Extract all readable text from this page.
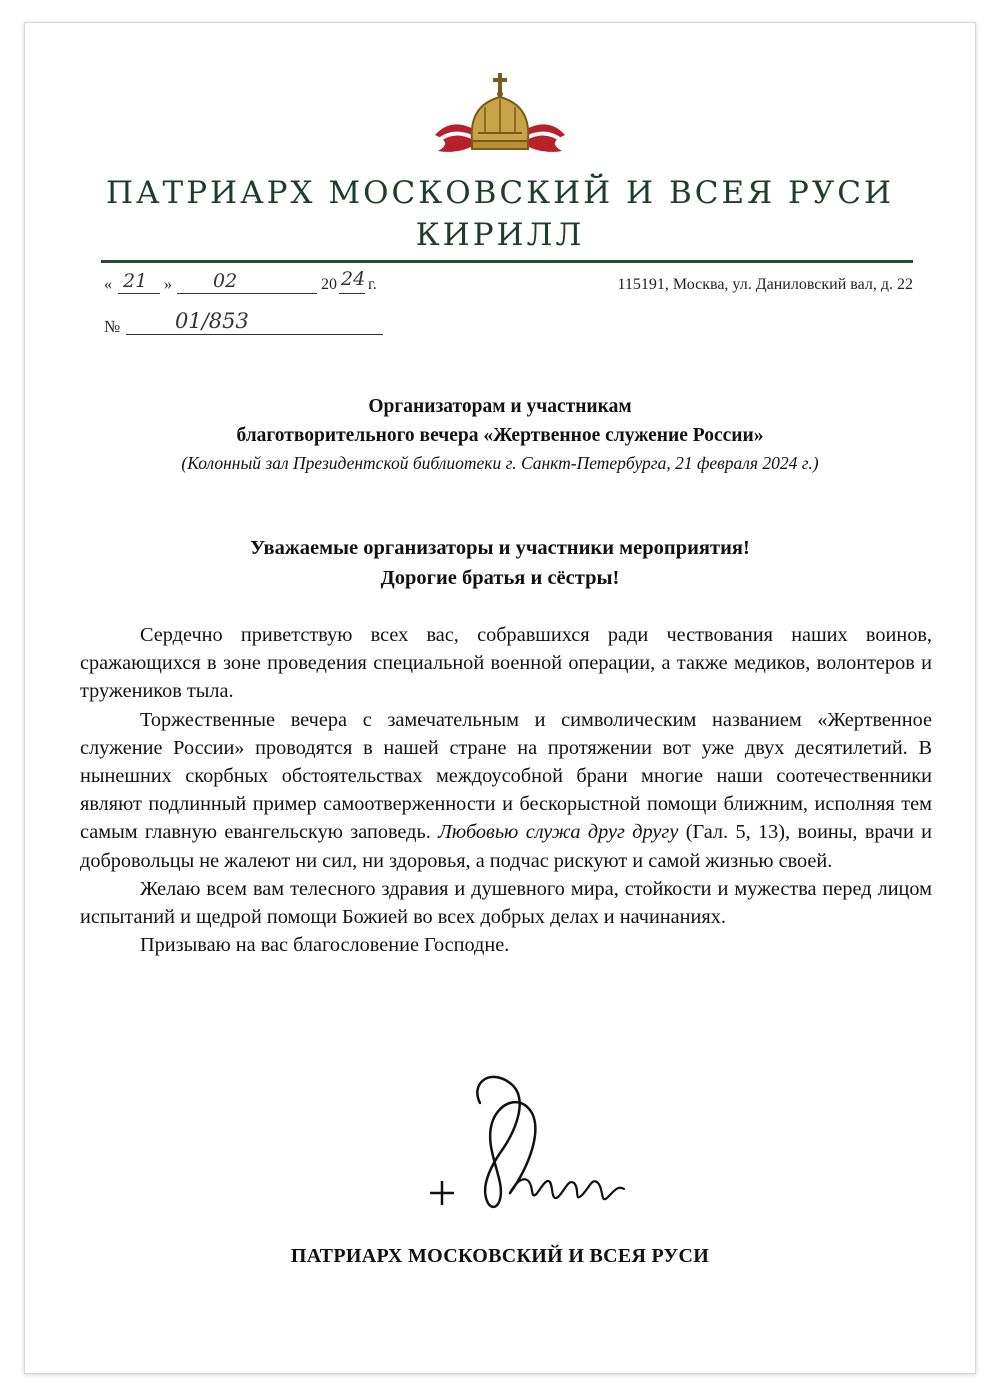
ПАТРИАРХ МОСКОВСКИЙ И ВСЕЯ РУСИ
КИРИЛЛ
« 21 » 02	20 24 г.	115191, Москва, ул. Даниловский вал, д. 22
№	01/853
Организаторам и участникам
благотворительного вечера «Жертвенное служение России»
(Колонный зал Президентской библиотеки г. Санкт-Петербурга, 21 февраля 2024 г.)
Уважаемые организаторы и участники мероприятия!
Дорогие братья и сёстры!

Сердечно приветствую всех вас, собравшихся ради чествования наших воинов, сражающихся в зоне проведения специальной военной операции, а также медиков, волонтеров и тружеников тыла.

Торжественные вечера с замечательным и символическим названием «Жертвенное служение России» проводятся в нашей стране на протяжении вот уже двух десятилетий. В нынешних скорбных обстоятельствах междоусобной брани многие наши соотечественники являют подлинный пример самоотверженности и бескорыстной помощи ближним, исполняя тем самым главную евангельскую заповедь. Любовью служа друг другу (Гал. 5, 13), воины, врачи и добровольцы не жалеют ни сил, ни здоровья, а подчас рискуют и самой жизнью своей.

Желаю всем вам телесного здравия и душевного мира, стойкости и мужества перед лицом испытаний и щедрой помощи Божией во всех добрых делах и начинаниях.

Призываю на вас благословение Господне.

ПАТРИАРХ МОСКОВСКИЙ И ВСЕЯ РУСИ
